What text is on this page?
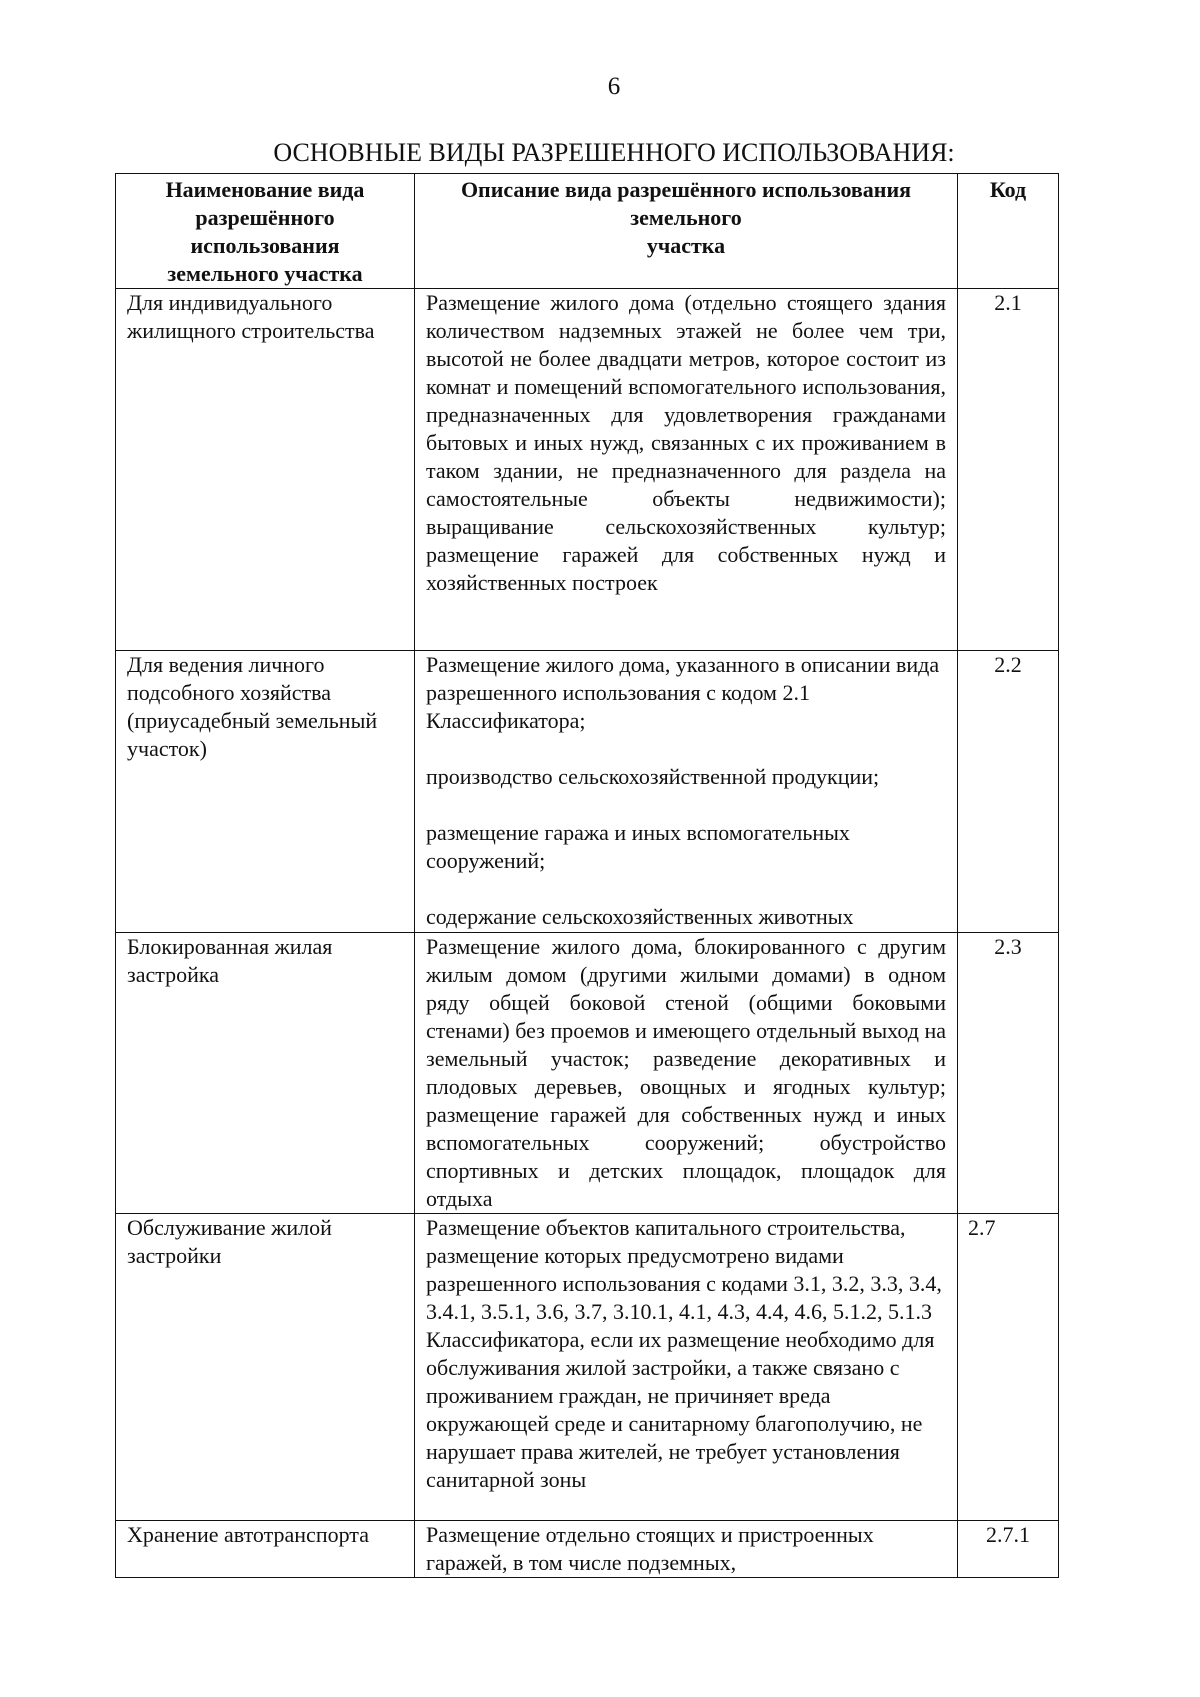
6
ОСНОВНЫЕ ВИДЫ РАЗРЕШЕННОГО ИСПОЛЬЗОВАНИЯ:
Наименование вида
разрешённого
использования
земельного участка	Описание вида разрешённого использования
земельного
участка	Код
Для индивидуального жилищного строительства	Размещение жилого дома (отдельно стоящего здания количеством надземных этажей не более чем три, высотой не более двадцати метров, которое состоит из комнат и помещений вспомогательного использования, предназначенных для удовлетворения гражданами бытовых и иных нужд, связанных с их проживанием в таком здании, не предназначенного для раздела на самостоятельные объекты недвижимости); выращивание сельскохозяйственных культур; размещение гаражей для собственных нужд и хозяйственных построек	2.1
Для ведения личного подсобного хозяйства (приусадебный земельный участок)	Размещение жилого дома, указанного в описании вида разрешенного использования с кодом 2.1 Классификатора;
производство сельскохозяйственной продукции;
размещение гаража и иных вспомогательных сооружений;
содержание сельскохозяйственных животных	2.2
Блокированная жилая застройка	Размещение жилого дома, блокированного с другим жилым домом (другими жилыми домами) в одном ряду общей боковой стеной (общими боковыми стенами) без проемов и имеющего отдельный выход на земельный участок; разведение декоративных и плодовых деревьев, овощных и ягодных культур; размещение гаражей для собственных нужд и иных вспомогательных сооружений; обустройство спортивных и детских площадок, площадок для отдыха	2.3
Обслуживание жилой застройки	Размещение объектов капитального строительства, размещение которых предусмотрено видами разрешенного использования с кодами 3.1, 3.2, 3.3, 3.4, 3.4.1, 3.5.1, 3.6, 3.7, 3.10.1, 4.1, 4.3, 4.4, 4.6, 5.1.2, 5.1.3 Классификатора, если их размещение необходимо для обслуживания жилой застройки, а также связано с проживанием граждан, не причиняет вреда окружающей среде и санитарному благополучию, не нарушает права жителей, не требует установления санитарной зоны	2.7
Хранение автотранспорта	Размещение отдельно стоящих и пристроенных гаражей, в том числе подземных,	2.7.1
